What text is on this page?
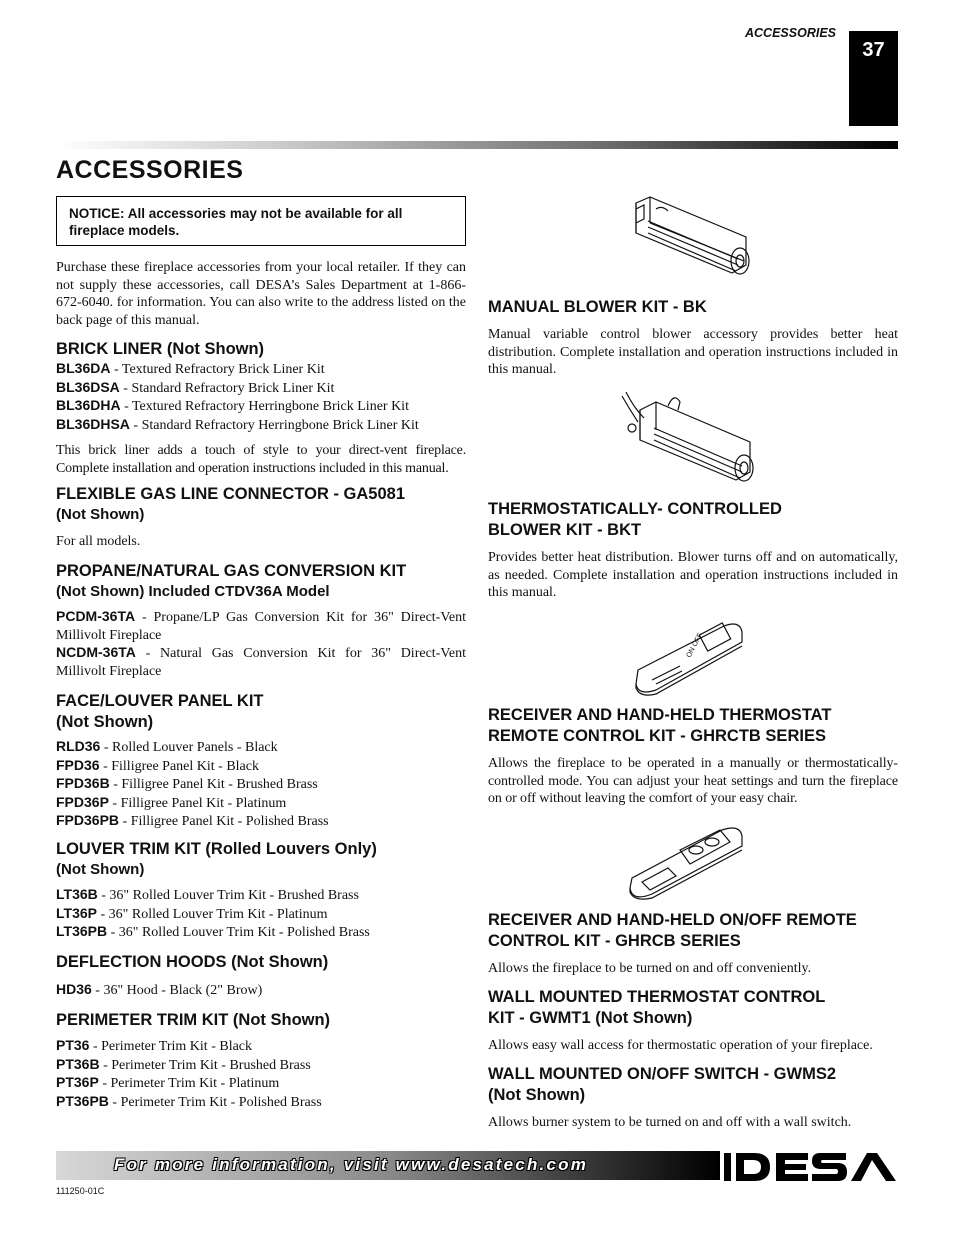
ACCESSORIES
37
ACCESSORIES
NOTICE: All accessories may not be available for all fireplace models.

Purchase these fireplace accessories from your local retailer. If they can not supply these accessories, call DESA’s Sales Department at 1-866-672-6040. for information. You can also write to the address listed on the back page of this manual.

BRICK LINER (Not Shown)

BL36DA - Textured Refractory Brick Liner Kit

BL36DSA - Standard Refractory Brick Liner Kit

BL36DHA - Textured Refractory Herringbone Brick Liner Kit

BL36DHSA - Standard Refractory Herringbone Brick Liner Kit

This brick liner adds a touch of style to your direct-vent fireplace. Complete installation and operation instructions included in this manual.

FLEXIBLE GAS LINE CONNECTOR - GA5081

(Not Shown)

For all models.

PROPANE/NATURAL GAS CONVERSION KIT

(Not Shown) Included CTDV36A Model

PCDM-36TA - Propane/LP Gas Conversion Kit for 36" Direct-Vent Millivolt Fireplace

NCDM-36TA - Natural Gas Conversion Kit for 36" Direct-Vent Millivolt Fireplace

FACE/LOUVER PANEL KIT

(Not Shown)

RLD36 - Rolled Louver Panels - Black

FPD36 - Filligree Panel Kit - Black

FPD36B - Filligree Panel Kit - Brushed Brass

FPD36P - Filligree Panel Kit - Platinum

FPD36PB - Filligree Panel Kit - Polished Brass

LOUVER TRIM KIT (Rolled Louvers Only)

(Not Shown)

LT36B - 36" Rolled Louver Trim Kit - Brushed Brass

LT36P - 36" Rolled Louver Trim Kit - Platinum

LT36PB - 36" Rolled Louver Trim Kit - Polished Brass

DEFLECTION HOODS (Not Shown)

HD36 - 36" Hood - Black (2" Brow)

PERIMETER TRIM KIT (Not Shown)

PT36 - Perimeter Trim Kit - Black

PT36B - Perimeter Trim Kit - Brushed Brass

PT36P - Perimeter Trim Kit - Platinum

PT36PB - Perimeter Trim Kit - Polished Brass

ON OFF

MANUAL BLOWER KIT - BK

Manual variable control blower accessory provides better heat distribution. Complete installation and operation instructions included in this manual.

THERMOSTATICALLY- CONTROLLED

BLOWER KIT - BKT

Provides better heat distribution. Blower turns off and on automatically, as needed. Complete installation and operation instructions included in this manual.

RECEIVER AND HAND-HELD THERMOSTAT

REMOTE CONTROL KIT - GHRCTB SERIES

Allows the fireplace to be operated in a manually or thermostatically-controlled mode. You can adjust your heat settings and turn the fireplace on or off without leaving the comfort of your easy chair.

RECEIVER AND HAND-HELD ON/OFF REMOTE

CONTROL KIT - GHRCB SERIES

Allows the fireplace to be turned on and off conveniently.

WALL MOUNTED THERMOSTAT CONTROL

KIT - GWMT1 (Not Shown)

Allows easy wall access for thermostatic operation of your fireplace.

WALL MOUNTED ON/OFF SWITCH - GWMS2

(Not Shown)

Allows burner system to be turned on and off with a wall switch.

For more information, visit www.desatech.com
111250-01C
